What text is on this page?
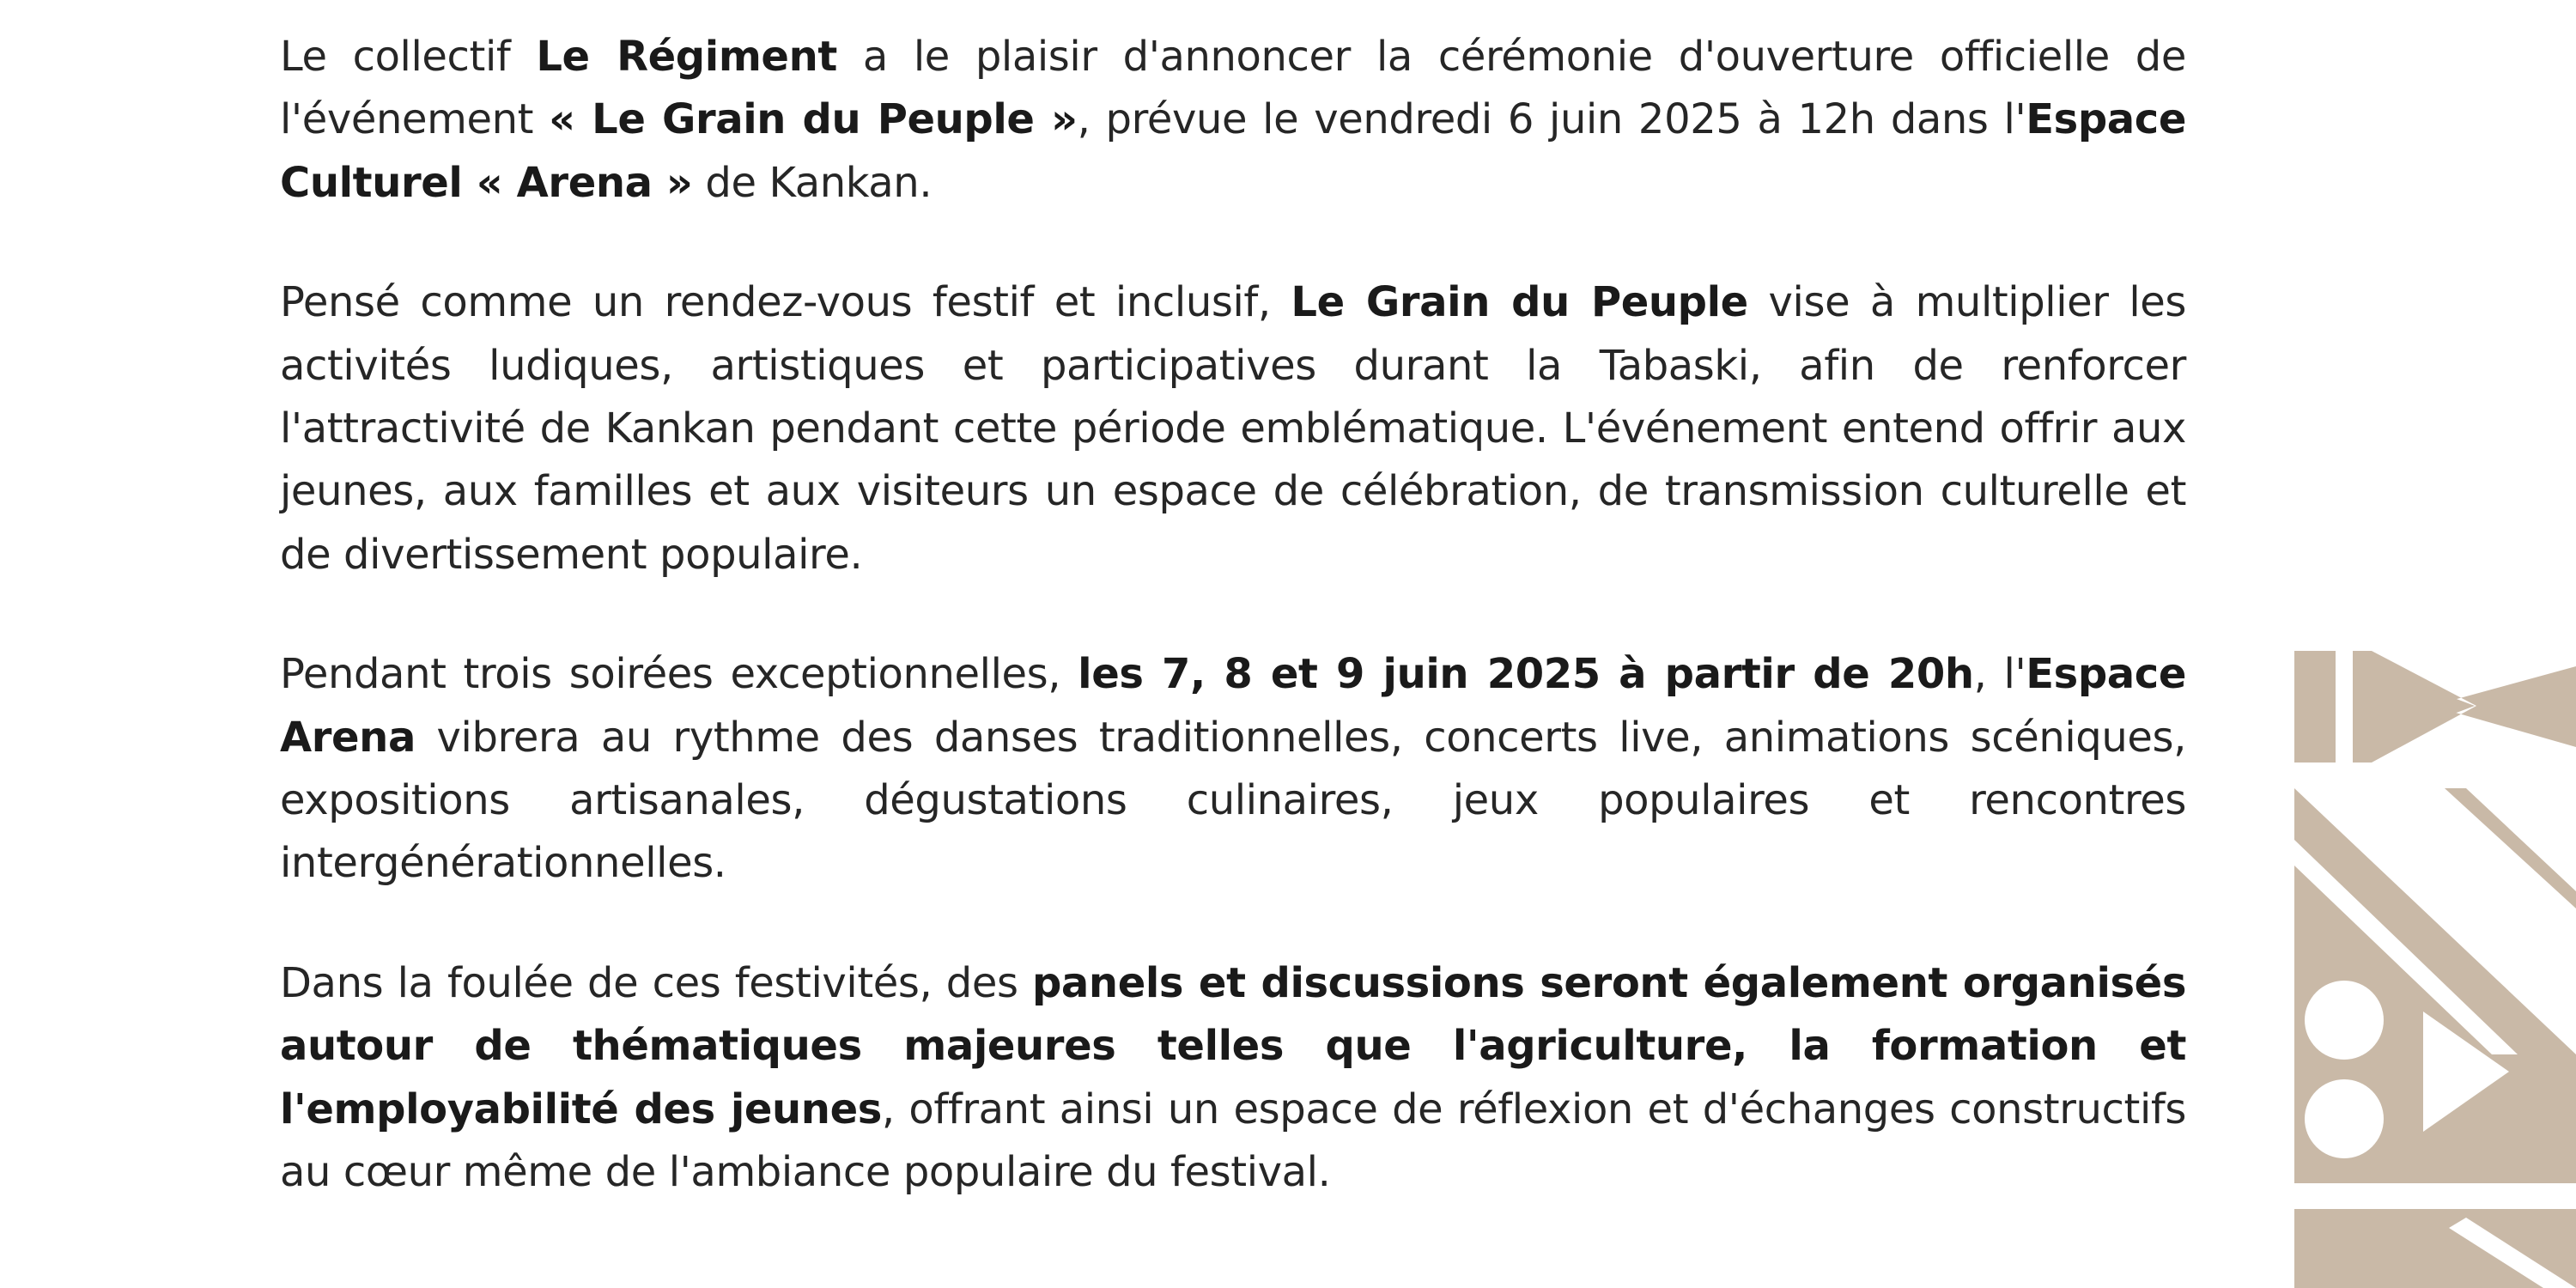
Le collectif Le Régiment a le plaisir d'annoncer la cérémonie d'ouverture officielle de l'événement « Le Grain du Peuple », prévue le vendredi 6 juin 2025 à 12h dans l'Espace Culturel « Arena » de Kankan.

Pensé comme un rendez-vous festif et inclusif, Le Grain du Peuple vise à multiplier les activités ludiques, artistiques et participatives durant la Tabaski, afin de renforcer l'attractivité de Kankan pendant cette période emblématique. L'événement entend offrir aux jeunes, aux familles et aux visiteurs un espace de célébration, de transmission culturelle et de divertissement populaire.

Pendant trois soirées exceptionnelles, les 7, 8 et 9 juin 2025 à partir de 20h, l'Espace Arena vibrera au rythme des danses traditionnelles, concerts live, animations scéniques, expositions artisanales, dégustations culinaires, jeux populaires et rencontres intergénérationnelles.

Dans la foulée de ces festivités, des panels et discussions seront également organisés autour de thématiques majeures telles que l'agriculture, la formation et l'employabilité des jeunes, offrant ainsi un espace de réflexion et d'échanges constructifs au cœur même de l'ambiance populaire du festival.
